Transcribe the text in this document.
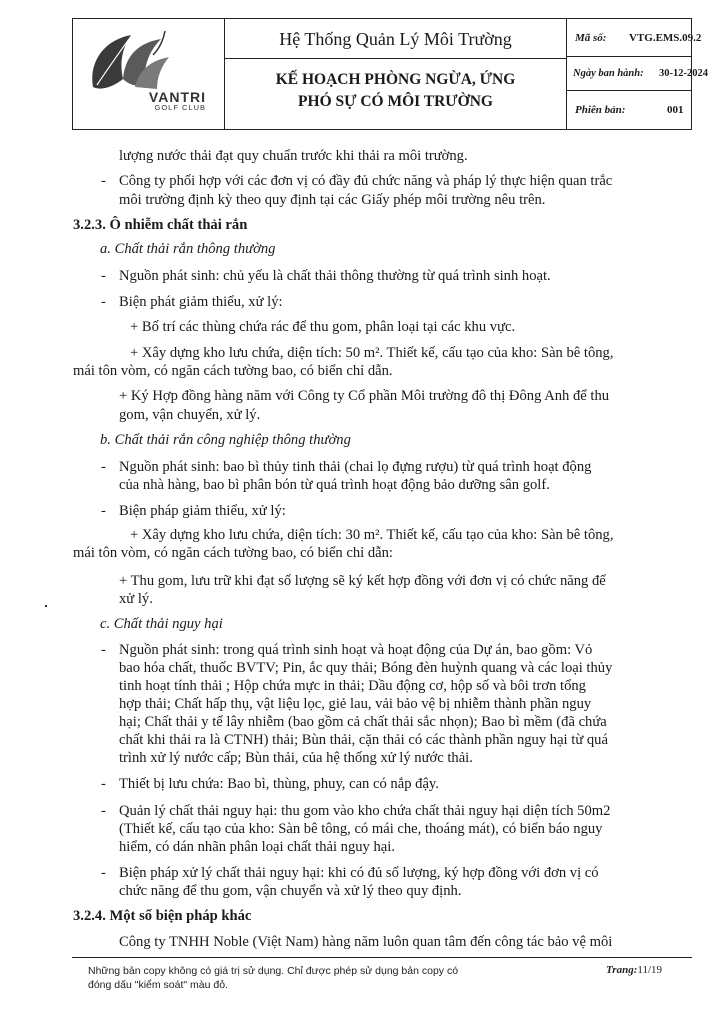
VANTRI
GOLF CLUB
Hệ Thống Quản Lý Môi Trường
KẾ HOẠCH PHÒNG NGỪA, ỨNG
PHÓ SỰ CÓ MÔI TRƯỜNG
Mã số: VTG.EMS.09.2
Ngày ban hành: 30-12-2024
Phiên bản:	001
lượng nước thải đạt quy chuẩn trước khi thải ra môi trường.
- Công ty phối hợp với các đơn vị có đầy đủ chức năng và pháp lý thực hiện quan trắc
môi trường định kỳ theo quy định tại các Giấy phép môi trường nêu trên.
3.2.3. Ô nhiễm chất thải rắn
a. Chất thải rắn thông thường
- Nguồn phát sinh: chủ yếu là chất thải thông thường từ quá trình sinh hoạt.
- Biện phát giảm thiểu, xử lý:
+ Bố trí các thùng chứa rác để thu gom, phân loại tại các khu vực.
+ Xây dựng kho lưu chứa, diện tích: 50 m². Thiết kế, cấu tạo của kho: Sàn bê tông,
mái tôn vòm, có ngăn cách tường bao, có biển chỉ dẫn.
+ Ký Hợp đồng hàng năm với Công ty Cổ phần Môi trường đô thị Đông Anh để thu
gom, vận chuyển, xử lý.
b. Chất thải rắn công nghiệp thông thường
- Nguồn phát sinh: bao bì thủy tinh thải (chai lọ đựng rượu) từ quá trình hoạt động
của nhà hàng, bao bì phân bón từ quá trình hoạt động bảo dưỡng sân golf.
- Biện pháp giảm thiểu, xử lý:
+ Xây dựng kho lưu chứa, diện tích: 30 m². Thiết kế, cấu tạo của kho: Sàn bê tông,
mái tôn vòm, có ngăn cách tường bao, có biển chỉ dẫn:
+ Thu gom, lưu trữ khi đạt số lượng sẽ ký kết hợp đồng với đơn vị có chức năng để
xử lý.
c. Chất thải nguy hại
- Nguồn phát sinh: trong quá trình sinh hoạt và hoạt động của Dự án, bao gồm: Vỏ
bao hóa chất, thuốc BVTV; Pin, ắc quy thải; Bóng đèn huỳnh quang và các loại thủy
tinh hoạt tính thải ; Hộp chứa mực in thải; Dầu động cơ, hộp số và bôi trơn tổng
hợp thải; Chất hấp thụ, vật liệu lọc, giẻ lau, vải bảo vệ bị nhiễm thành phần nguy
hại; Chất thải y tế lây nhiễm (bao gồm cả chất thải sắc nhọn); Bao bì mềm (đã chứa
chất khi thải ra là CTNH) thải; Bùn thải, cặn thải có các thành phần nguy hại từ quá
trình xử lý nước cấp; Bùn thải, của hệ thống xử lý nước thải.
- Thiết bị lưu chứa: Bao bì, thùng, phuy, can có nắp đậy.
- Quản lý chất thải nguy hại: thu gom vào kho chứa chất thải nguy hại diện tích 50m2
(Thiết kế, cấu tạo của kho: Sàn bê tông, có mái che, thoáng mát), có biển báo nguy
hiểm, có dán nhãn phân loại chất thải nguy hại.
- Biện pháp xử lý chất thải nguy hại: khi có đủ số lượng, ký hợp đồng với đơn vị có
chức năng để thu gom, vận chuyển và xử lý theo quy định.
3.2.4. Một số biện pháp khác
Công ty TNHH Noble (Việt Nam) hàng năm luôn quan tâm đến công tác bảo vệ môi
Những bản copy không có giá trị sử dụng. Chỉ được phép sử dụng bản copy có
đóng dấu "kiểm soát" màu đỏ.
Trang:11/19
